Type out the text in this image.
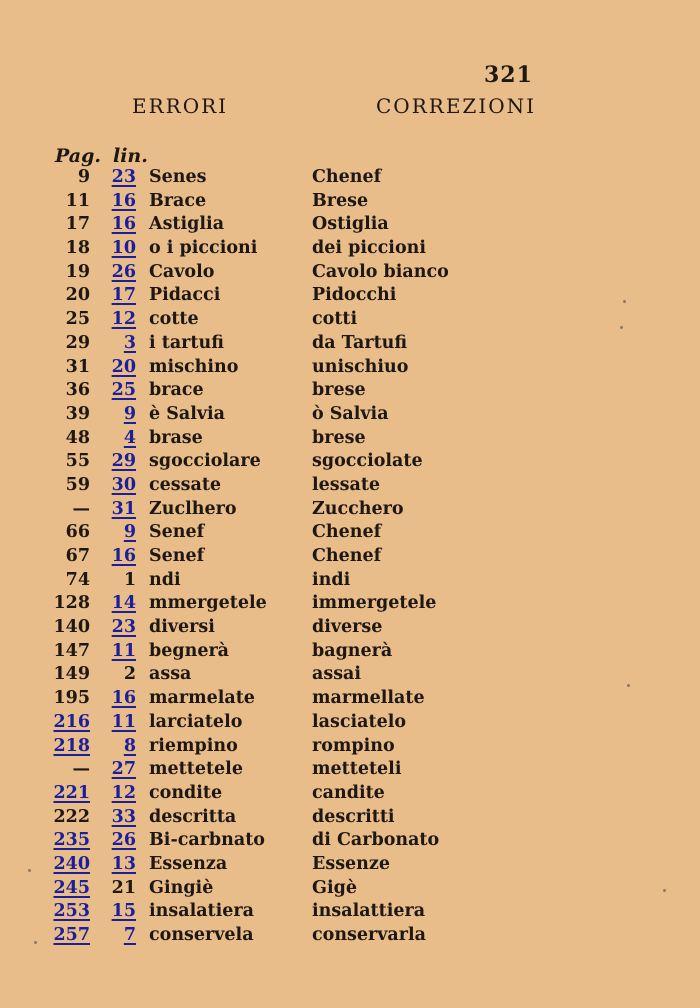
321
ERRORI	CORREZIONI
Pag. lin.
9 23 Senes	Chenef
11 16 Brace	Brese
17 16 Astiglia	Ostiglia
18 10 o i piccioni	dei piccioni
19 26 Cavolo	Cavolo bianco
20 17 Pidacci	Pidocchi
25 12 cotte	cotti
29 3 i tartufi	da Tartufi
31 20 mischino	unischiuo
36 25 brace	brese
39 9 è Salvia	ò Salvia
48 4 brase	brese
55 29 sgocciolare	sgocciolate
59 30 cessate	lessate
— 31 Zuclhero	Zucchero
66 9 Senef	Chenef
67 16 Senef	Chenef
74 1 ndi	indi
128 14 mmergetele	immergetele
140 23 diversi	diverse
147 11 begnerà	bagnerà
149 2 assa	assai
195 16 marmelate	marmellate
216 11 larciatelo	lasciatelo
218 8 riempino	rompino
— 27 mettetele	metteteli
221 12 condite	candite
222 33 descritta	descritti
235 26 Bi-carbnato	di Carbonato
240 13 Essenza	Essenze
245 21 Gingiè	Gigè
253 15 insalatiera	insalattiera
257 7 conservela	conservarla
